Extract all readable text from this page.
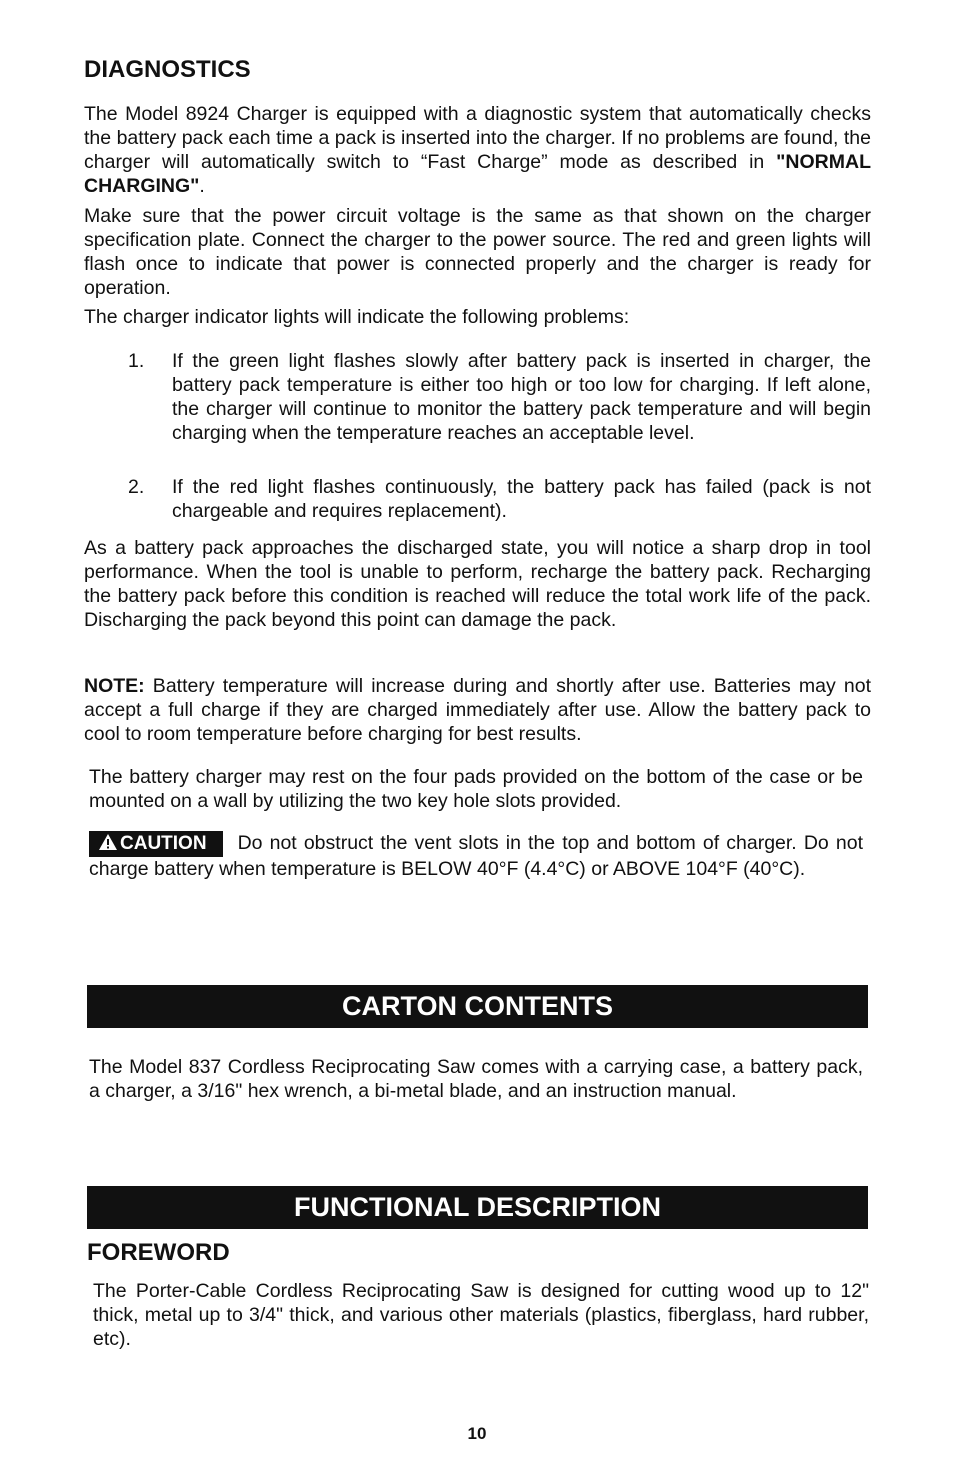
DIAGNOSTICS

The Model 8924 Charger is equipped with a diagnostic system that automatically checks the battery pack each time a pack is inserted into the charger. If no problems are found, the charger will automatically switch to “Fast Charge” mode as described in "NORMAL CHARGING".

Make sure that the power circuit voltage is the same as that shown on the charger specification plate. Connect the charger to the power source. The red and green lights will flash once to indicate that power is connected properly and the charger is ready for operation.

The charger indicator lights will indicate the following problems:

1.	If the green light flashes slowly after battery pack is inserted in charger, the battery pack temperature is either too high or too low for charging. If left alone, the charger will continue to monitor the battery pack temperature and will begin charging when the temperature reaches an acceptable level.

2.	If the red light flashes continuously, the battery pack has failed (pack is not chargeable and requires replacement).

As a battery pack approaches the discharged state, you will notice a sharp drop in tool performance. When the tool is unable to perform, recharge the battery pack. Recharging the battery pack before this condition is reached will reduce the total work life of the pack. Discharging the pack beyond this point can damage the pack.

NOTE: Battery temperature will increase during and shortly after use. Batteries may not accept a full charge if they are charged immediately after use. Allow the battery pack to cool to room temperature before charging for best results.

The battery charger may rest on the four pads provided on the bottom of the case or be mounted on a wall by utilizing the two key hole slots provided.

CAUTION Do not obstruct the vent slots in the top and bottom of charger. Do not charge battery when temperature is BELOW 40°F (4.4°C) or ABOVE 104°F (40°C).

CARTON CONTENTS

The Model 837 Cordless Reciprocating Saw comes with a carrying case, a battery pack, a charger, a 3/16" hex wrench, a bi-metal blade, and an instruction manual.

FUNCTIONAL DESCRIPTION
FOREWORD

The Porter-Cable Cordless Reciprocating Saw is designed for cutting wood up to 12" thick, metal up to 3/4" thick, and various other materials (plastics, fiberglass, hard rubber, etc).

10
